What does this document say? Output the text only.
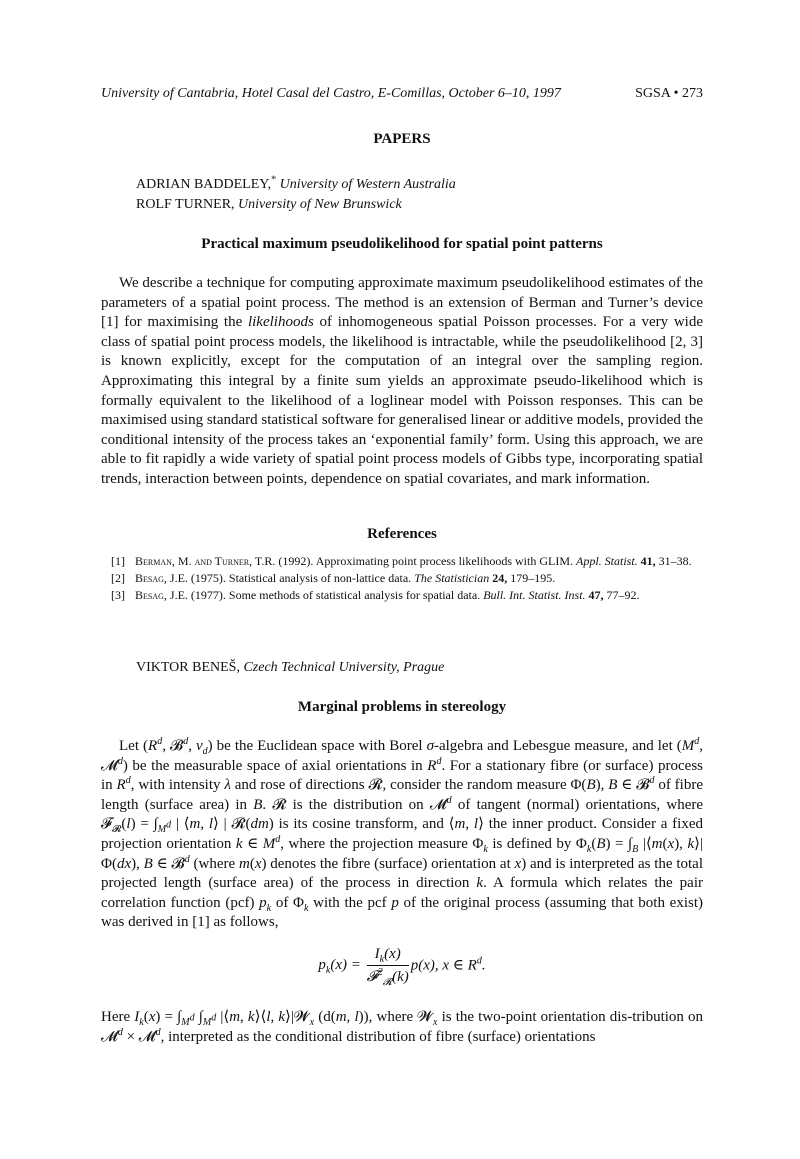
University of Cantabria, Hotel Casal del Castro, E-Comillas, October 6–10, 1997	SGSA • 273
PAPERS
ADRIAN BADDELEY,* University of Western Australia
ROLF TURNER, University of New Brunswick
Practical maximum pseudolikelihood for spatial point patterns
We describe a technique for computing approximate maximum pseudolikelihood estimates of the parameters of a spatial point process. The method is an extension of Berman and Turner’s device [1] for maximising the likelihoods of inhomogeneous spatial Poisson processes. For a very wide class of spatial point process models, the likelihood is intractable, while the pseudolikelihood [2, 3] is known explicitly, except for the computation of an integral over the sampling region. Approximating this integral by a finite sum yields an approximate pseudo-likelihood which is formally equivalent to the likelihood of a loglinear model with Poisson responses. This can be maximised using standard statistical software for generalised linear or additive models, provided the conditional intensity of the process takes an ‘exponential family’ form. Using this approach, we are able to fit rapidly a wide variety of spatial point process models of Gibbs type, incorporating spatial trends, interaction between points, dependence on spatial covariates, and mark information.
References
[1] Berman, M. and Turner, T.R. (1992). Approximating point process likelihoods with GLIM. Appl. Statist. 41, 31–38.
[2] Besag, J.E. (1975). Statistical analysis of non-lattice data. The Statistician 24, 179–195.
[3] Besag, J.E. (1977). Some methods of statistical analysis for spatial data. Bull. Int. Statist. Inst. 47, 77–92.
VIKTOR BENEŠ, Czech Technical University, Prague
Marginal problems in stereology
Let ($R^d$, 𝓑$^d$, $\nu_d$) be the Euclidean space with Borel σ-algebra and Lebesgue measure, and let ($M^d$, 𝓜$^d$) be the measurable space of axial orientations in $R^d$. For a stationary fibre (or surface) process in $R^d$, with intensity λ and rose of directions 𝓡, consider the random measure Φ(B), B ∈ 𝓑$^d$ of fibre length (surface area) in B. 𝓡 is the distribution on 𝓜$^d$ of tangent (normal) orientations, where 𝓕$_𝓡$(l) = $\int_{M^d}$ | ⟨m, l⟩ | 𝓡(dm) is its cosine transform, and ⟨m, l⟩ the inner product. Consider a fixed projection orientation k ∈ $M^d$, where the projection measure $\Phi_k$ is defined by $\Phi_k(B) = \int_B$ |⟨m(x), k⟩|Φ(dx), B ∈ 𝓑$^d$ (where m(x) denotes the fibre (surface) orientation at x) and is interpreted as the total projected length (surface area) of the process in direction k. A formula which relates the pair correlation function (pcf) $p_k$ of $\Phi_k$ with the pcf p of the original process (assuming that both exist) was derived in [1] as follows,
$p_k(x) = \frac{I_k(x)}{𝓕^2_𝓡(k)} p(x)$, x ∈ $R^d$.
Here $I_k(x) = \int_{M^d}$ $\int_{M^d}$ |⟨m, k⟩⟨l, k⟩|𝓦$_x$ (d(m, l)), where 𝓦$_x$ is the two-point orientation dis-tribution on 𝓜$^d$ × 𝓜$^d$, interpreted as the conditional distribution of fibre (surface) orientations
